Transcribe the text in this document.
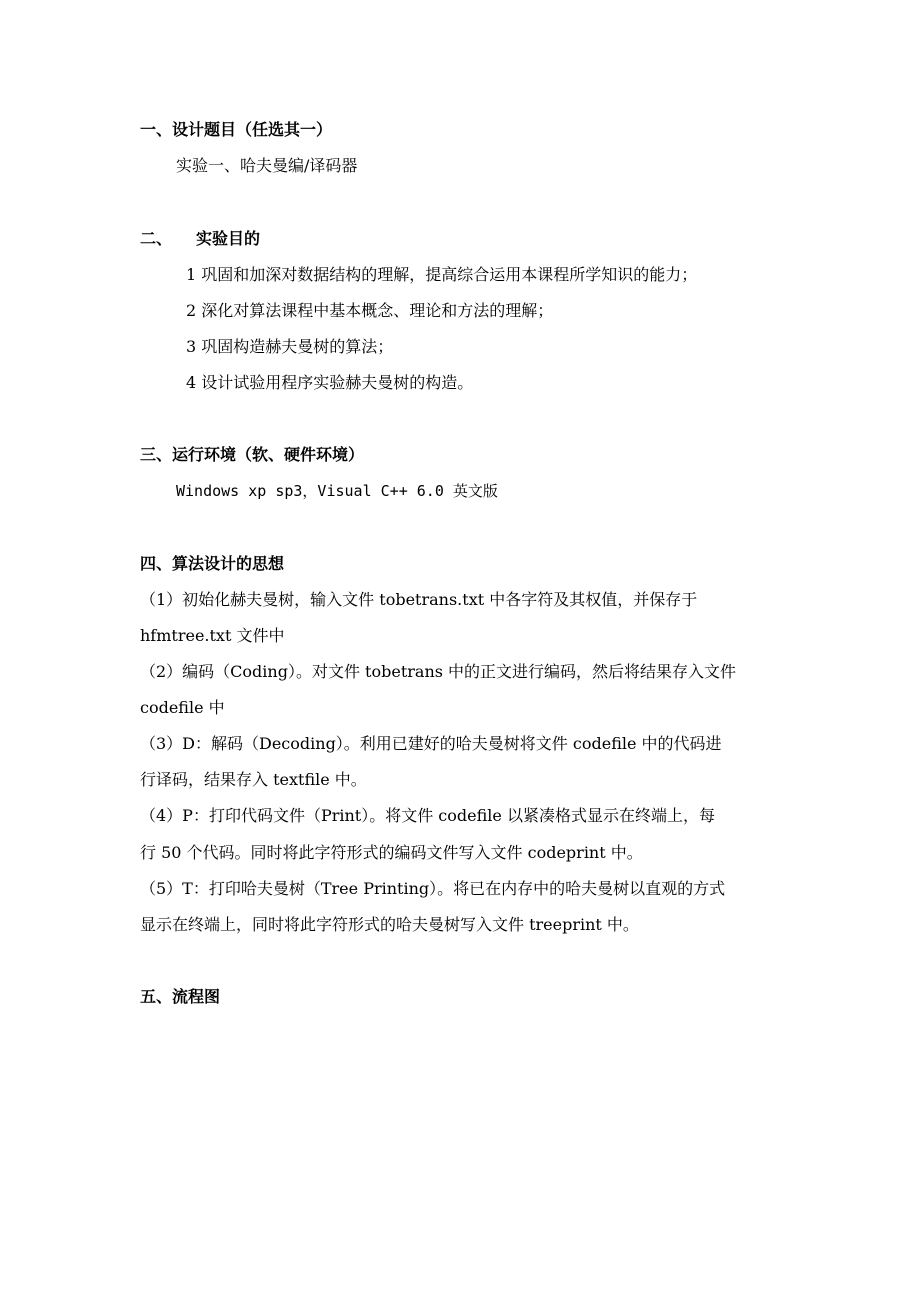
一、设计题目（任选其一）
实验一、哈夫曼编/译码器
二、 实验目的
1 巩固和加深对数据结构的理解，提高综合运用本课程所学知识的能力；
2 深化对算法课程中基本概念、理论和方法的理解；
3 巩固构造赫夫曼树的算法；
4 设计试验用程序实验赫夫曼树的构造。
三、运行环境（软、硬件环境）
Windows xp sp3，Visual C++ 6.0 英文版
四、算法设计的思想
（1）初始化赫夫曼树，输入文件 tobetrans.txt 中各字符及其权值，并保存于
hfmtree.txt 文件中
（2）编码（Coding）。对文件 tobetrans 中的正文进行编码，然后将结果存入文件
codefile 中
（3）D：解码（Decoding）。利用已建好的哈夫曼树将文件 codefile 中的代码进
行译码，结果存入 textfile 中。
（4）P：打印代码文件（Print）。将文件 codefile 以紧凑格式显示在终端上，每
行 50 个代码。同时将此字符形式的编码文件写入文件 codeprint 中。
（5）T：打印哈夫曼树（Tree Printing）。将已在内存中的哈夫曼树以直观的方式
显示在终端上，同时将此字符形式的哈夫曼树写入文件 treeprint 中。
五、流程图
